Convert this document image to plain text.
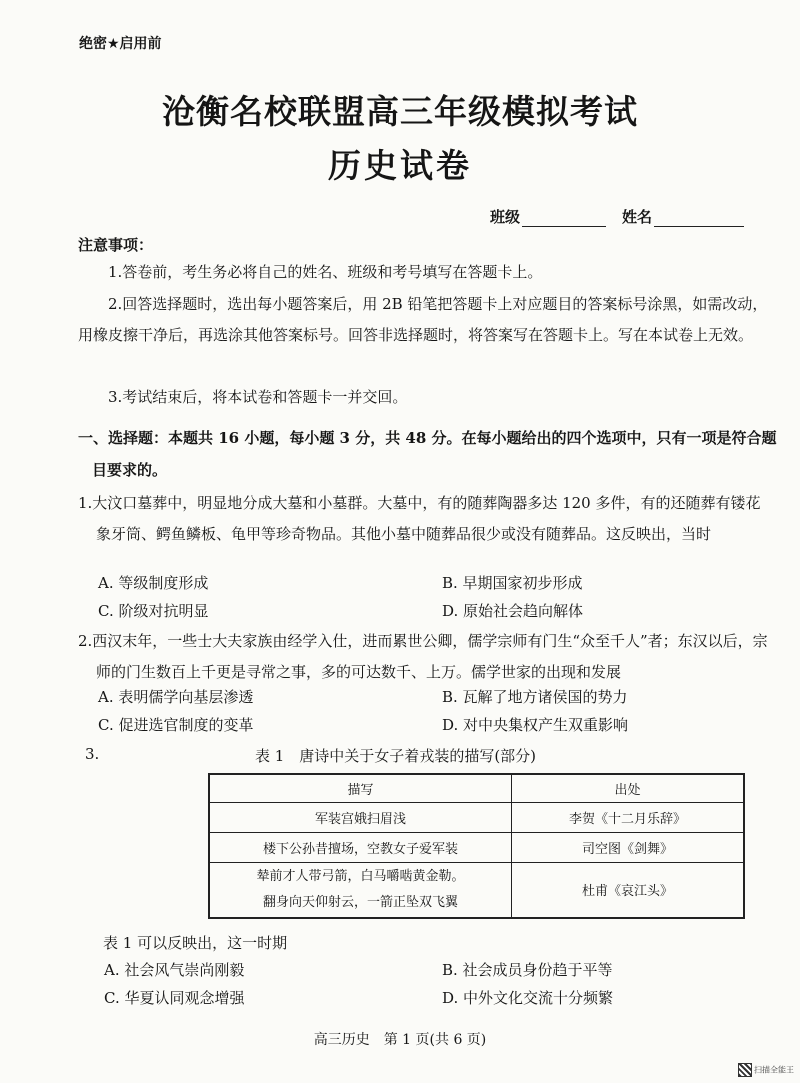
绝密★启用前
沧衡名校联盟高三年级模拟考试
历史试卷
班级	姓名
注意事项：
1.答卷前，考生务必将自己的姓名、班级和考号填写在答题卡上。
2.回答选择题时，选出每小题答案后，用 2B 铅笔把答题卡上对应题目的答案标号涂黑，如需改动，用橡皮擦干净后，再选涂其他答案标号。回答非选择题时，将答案写在答题卡上。写在本试卷上无效。
3.考试结束后，将本试卷和答题卡一并交回。
一、选择题：本题共 16 小题，每小题 3 分，共 48 分。在每小题给出的四个选项中，只有一项是符合题目要求的。
1.大汶口墓葬中，明显地分成大墓和小墓群。大墓中，有的随葬陶器多达 120 多件，有的还随葬有镂花象牙筒、鳄鱼鳞板、龟甲等珍奇物品。其他小墓中随葬品很少或没有随葬品。这反映出，当时
A. 等级制度形成	B. 早期国家初步形成
C. 阶级对抗明显	D. 原始社会趋向解体
2.西汉末年，一些士大夫家族由经学入仕，进而累世公卿，儒学宗师有门生“众至千人”者；东汉以后，宗师的门生数百上千更是寻常之事，多的可达数千、上万。儒学世家的出现和发展
A. 表明儒学向基层渗透	B. 瓦解了地方诸侯国的势力
C. 促进选官制度的变革	D. 对中央集权产生双重影响
3.	表 1　唐诗中关于女子着戎装的描写(部分)
描写	出处
军装宫娥扫眉浅	李贺《十二月乐辞》
楼下公孙昔擅场，空教女子爱军装	司空图《剑舞》

辇前才人带弓箭，白马嚼啮黄金勒。
翻身向天仰射云，一箭正坠双飞翼	杜甫《哀江头》
表 1 可以反映出，这一时期
A. 社会风气崇尚刚毅	B. 社会成员身份趋于平等
C. 华夏认同观念增强	D. 中外文化交流十分频繁
高三历史　第 1 页(共 6 页)
扫描全能王
